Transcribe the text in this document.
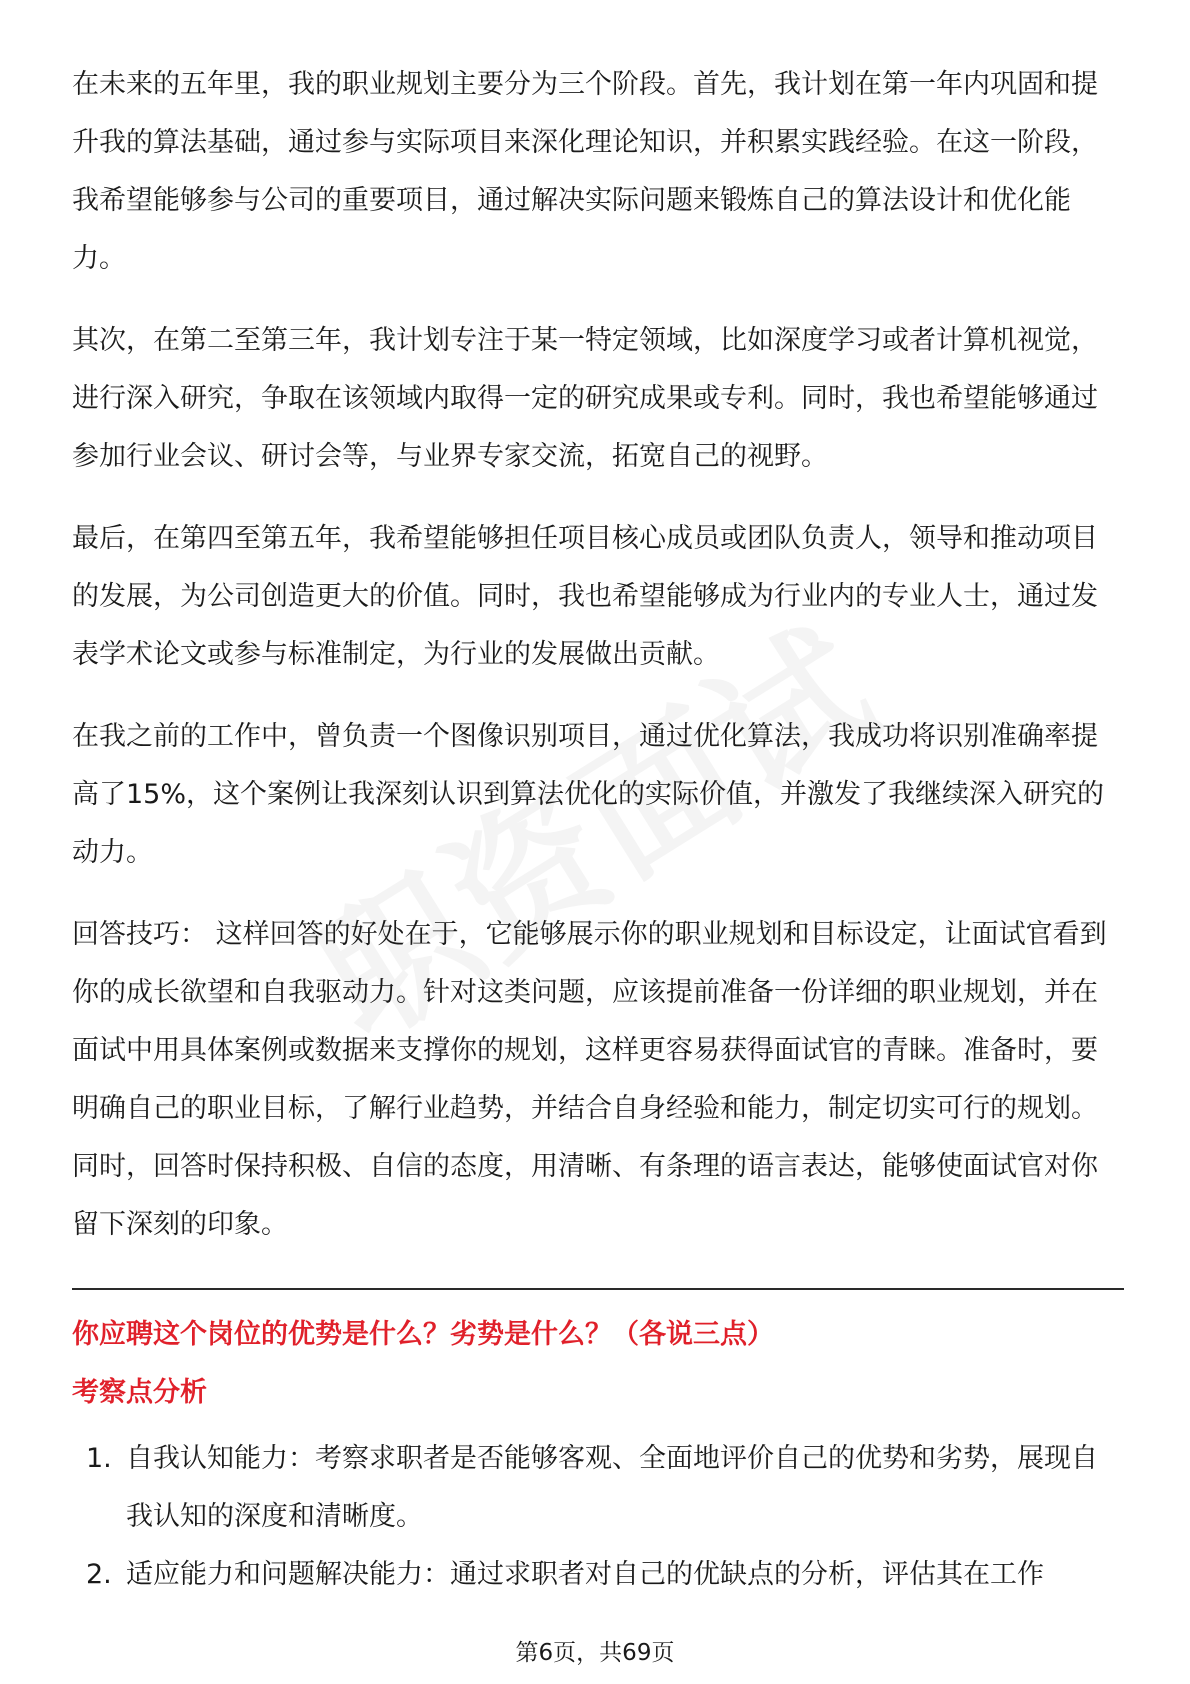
在未来的五年里，我的职业规划主要分为三个阶段。首先，我计划在第一年内巩固和提升我的算法基础，通过参与实际项目来深化理论知识，并积累实践经验。在这一阶段，我希望能够参与公司的重要项目，通过解决实际问题来锻炼自己的算法设计和优化能力。

其次，在第二至第三年，我计划专注于某一特定领域，比如深度学习或者计算机视觉，进行深入研究，争取在该领域内取得一定的研究成果或专利。同时，我也希望能够通过参加行业会议、研讨会等，与业界专家交流，拓宽自己的视野。

最后，在第四至第五年，我希望能够担任项目核心成员或团队负责人，领导和推动项目的发展，为公司创造更大的价值。同时，我也希望能够成为行业内的专业人士，通过发表学术论文或参与标准制定，为行业的发展做出贡献。

在我之前的工作中，曾负责一个图像识别项目，通过优化算法，我成功将识别准确率提高了15%，这个案例让我深刻认识到算法优化的实际价值，并激发了我继续深入研究的动力。

回答技巧： 这样回答的好处在于，它能够展示你的职业规划和目标设定，让面试官看到你的成长欲望和自我驱动力。针对这类问题，应该提前准备一份详细的职业规划，并在面试中用具体案例或数据来支撑你的规划，这样更容易获得面试官的青睐。准备时，要明确自己的职业目标，了解行业趋势，并结合自身经验和能力，制定切实可行的规划。同时，回答时保持积极、自信的态度，用清晰、有条理的语言表达，能够使面试官对你留下深刻的印象。

你应聘这个岗位的优势是什么？劣势是什么？（各说三点）
考察点分析
1. 自我认知能力：考察求职者是否能够客观、全面地评价自己的优势和劣势，展现自我认知的深度和清晰度。
2. 适应能力和问题解决能力：通过求职者对自己的优缺点的分析，评估其在工作
第6页，共69页
